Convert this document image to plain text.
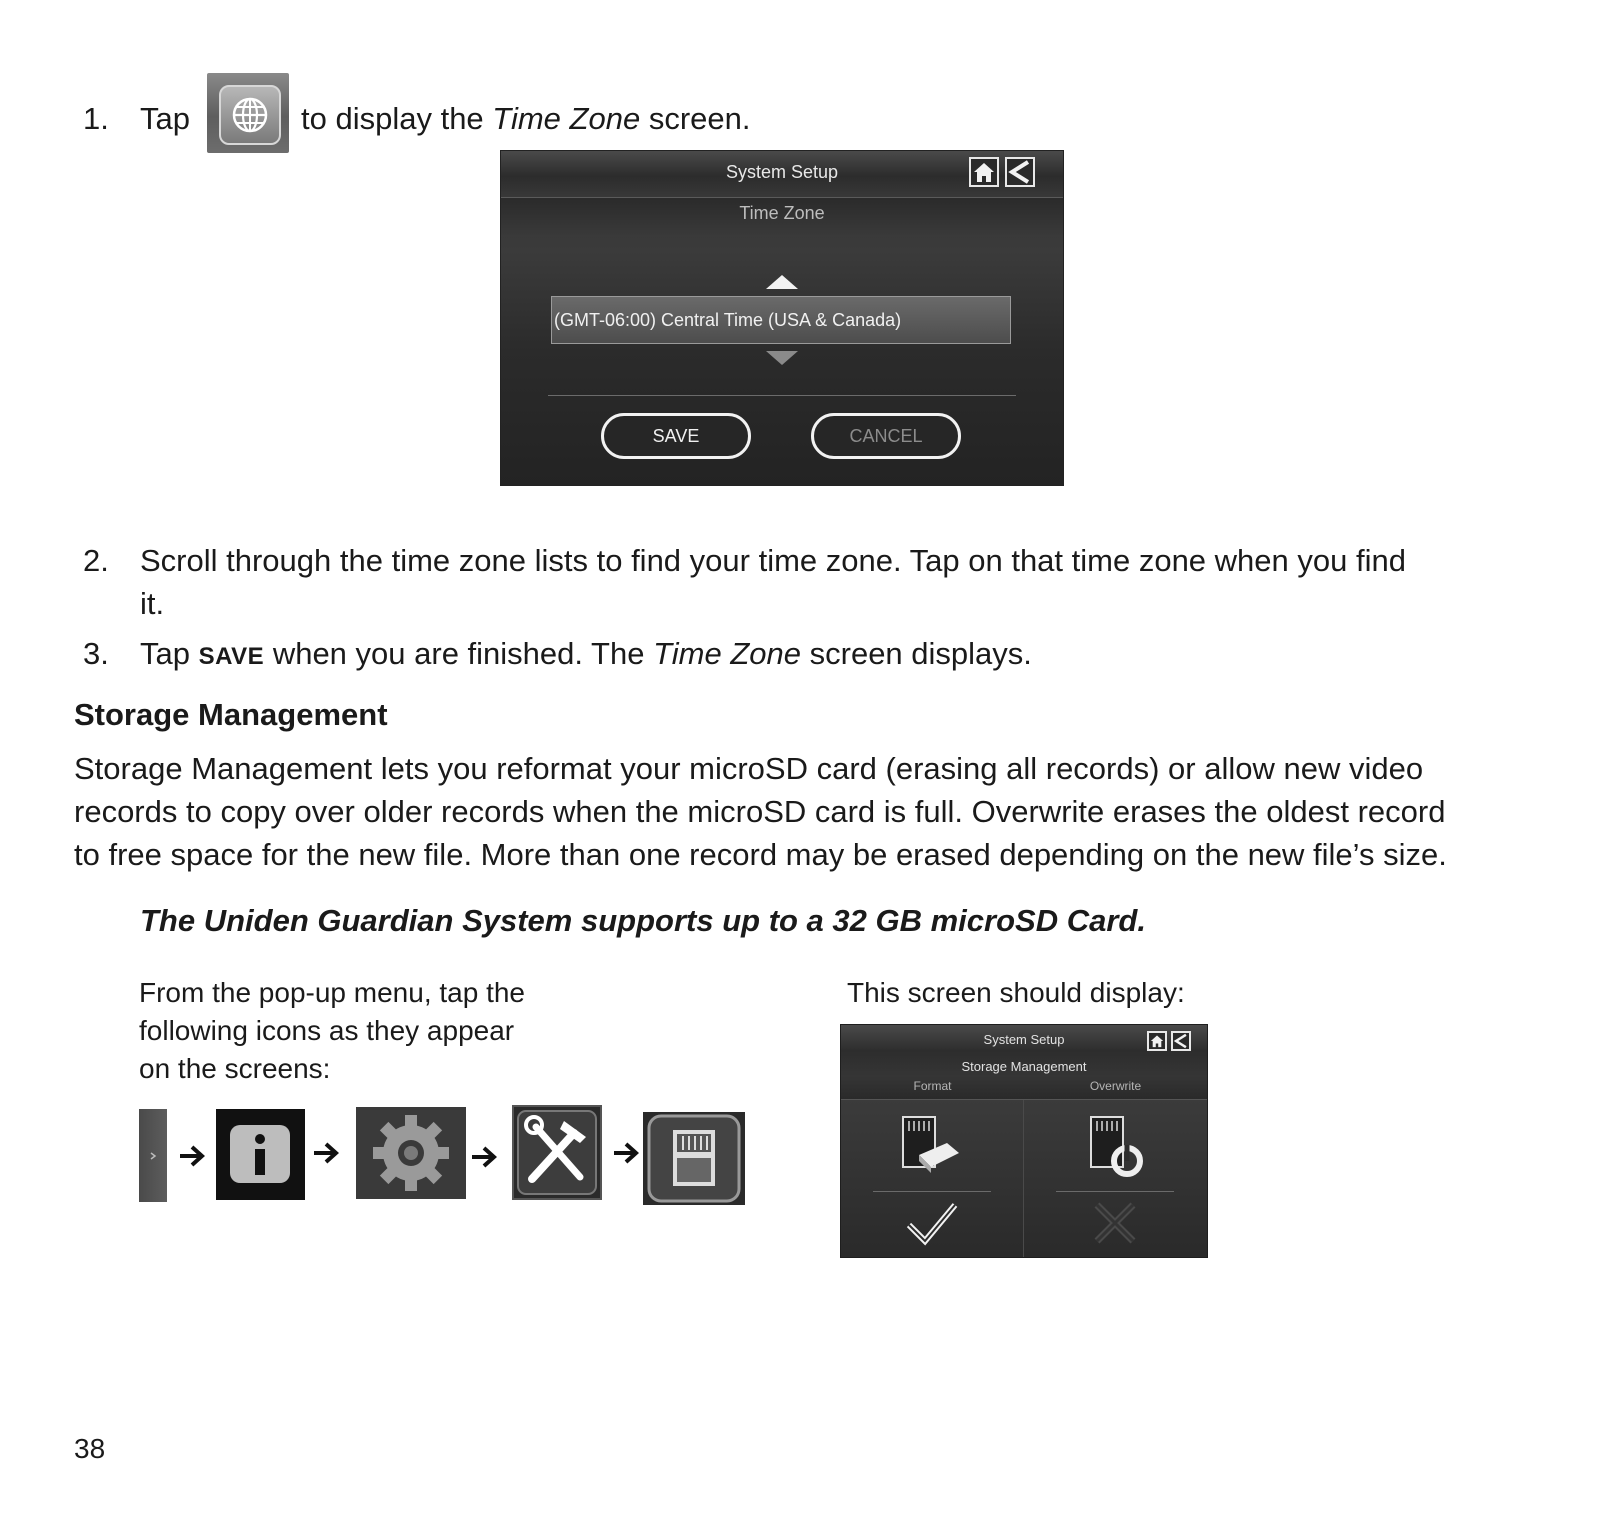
1. Tap	to display the Time Zone screen.
System Setup
Time Zone
(GMT-06:00) Central Time (USA & Canada)
SAVE	CANCEL
2. Scroll through the time zone lists to find your time zone. Tap on that time zone when you find
it.
3. Tap SAVE when you are finished. The Time Zone screen displays.
Storage Management
Storage Management lets you reformat your microSD card (erasing all records) or allow new video
records to copy over older records when the microSD card is full. Overwrite erases the oldest record
to free space for the new file. More than one record may be erased depending on the new file’s size.
The Uniden Guardian System supports up to a 32 GB microSD Card.
From the pop-up menu, tap the
following icons as they appear
on the screens:
This screen should display:
System Setup
Storage Management
Format	Overwrite
38
